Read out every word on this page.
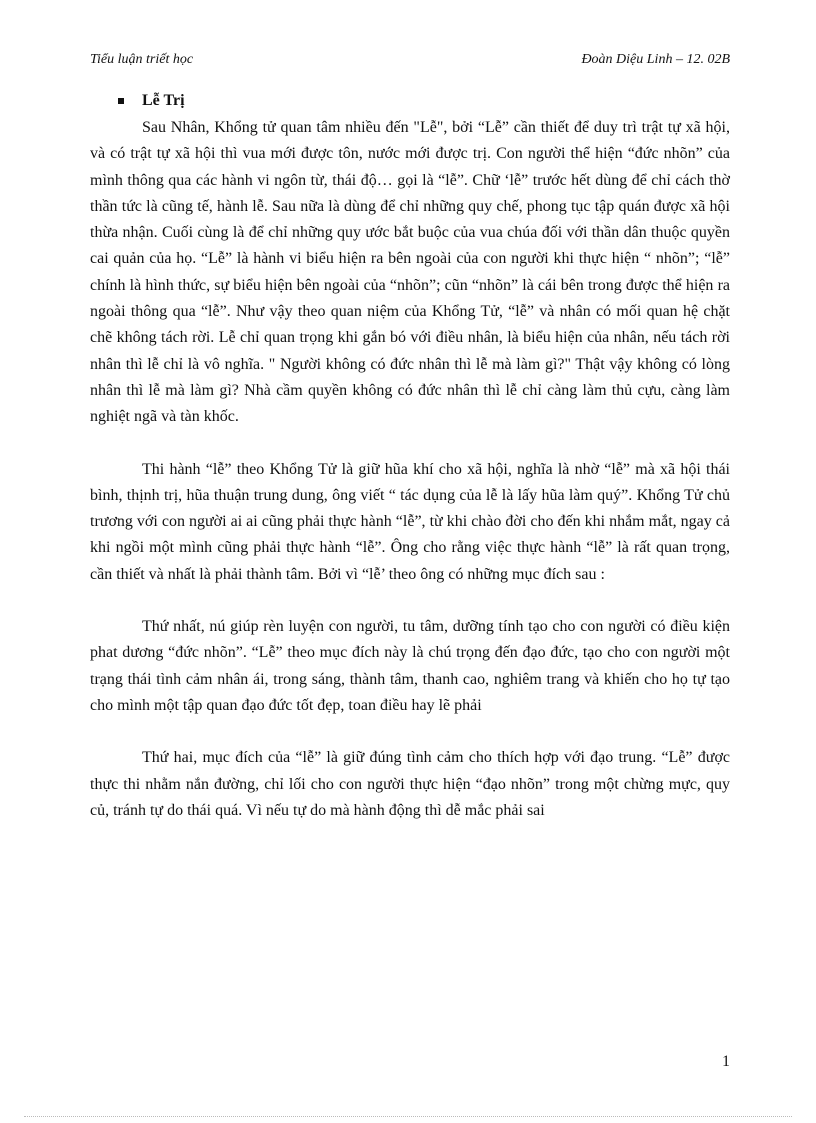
Tiểu luận triết học	Đoàn Diệu Linh – 12. 02B
Lễ Trị

Sau Nhân, Khổng tử quan tâm nhiều đến "Lễ", bởi “Lễ” cần thiết để duy trì trật tự xã hội, và có trật tự xã hội thì vua mới được tôn, nước mới được trị. Con người thể hiện “đức nhõn” của mình thông qua các hành vi ngôn từ, thái độ… gọi là “lễ”. Chữ ‘lễ” trước hết dùng để chỉ cách thờ thần tức là cũng tế, hành lễ. Sau nữa là dùng để chỉ những quy chế, phong tục tập quán được xã hội thừa nhận. Cuối cùng là để chỉ những quy ước bắt buộc của vua chúa đối với thần dân thuộc quyền cai quản của họ. “Lễ” là hành vi biểu hiện ra bên ngoài của con người khi thực hiện “ nhõn”; “lễ” chính là hình thức, sự biểu hiện bên ngoài của “nhõn”; cũn “nhõn” là cái bên trong được thể hiện ra ngoài thông qua “lễ”. Như vậy theo quan niệm của Khổng Tử, “lễ” và nhân có mối quan hệ chặt chẽ không tách rời. Lễ chỉ quan trọng khi gắn bó với điều nhân, là biểu hiện của nhân, nếu tách rời nhân thì lễ chỉ là vô nghĩa. " Người không có đức nhân thì lễ mà làm gì?" Thật vậy không có lòng nhân thì lễ mà làm gì? Nhà cầm quyền không có đức nhân thì lễ chỉ càng làm thủ cựu, càng làm nghiệt ngã và tàn khốc.

Thi hành “lễ” theo Khổng Tử là giữ hũa khí cho xã hội, nghĩa là nhờ “lễ” mà xã hội thái bình, thịnh trị, hũa thuận trung dung, ông viết “ tác dụng của lễ là lấy hũa làm quý”. Khổng Tử chủ trương với con người ai ai cũng phải thực hành “lễ”, từ khi chào đời cho đến khi nhắm mắt, ngay cả khi ngồi một mình cũng phải thực hành “lễ”. Ông cho rằng việc thực hành “lễ” là rất quan trọng, cần thiết và nhất là phải thành tâm. Bởi vì “lễ’ theo ông có những mục đích sau :

Thứ nhất, nú giúp rèn luyện con người, tu tâm, dưỡng tính tạo cho con người có điều kiện phat dương “đức nhõn”. “Lễ” theo mục đích này là chú trọng đến đạo đức, tạo cho con người một trạng thái tình cảm nhân ái, trong sáng, thành tâm, thanh cao, nghiêm trang và khiến cho họ tự tạo cho mình một tập quan đạo đức tốt đẹp, toan điều hay lẽ phải

Thứ hai, mục đích của “lễ” là giữ đúng tình cảm cho thích hợp với đạo trung. “Lễ” được thực thi nhằm nắn đường, chỉ lối cho con người thực hiện “đạo nhõn” trong một chừng mực, quy củ, tránh tự do thái quá. Vì nếu tự do mà hành động thì dễ mắc phải sai

1
